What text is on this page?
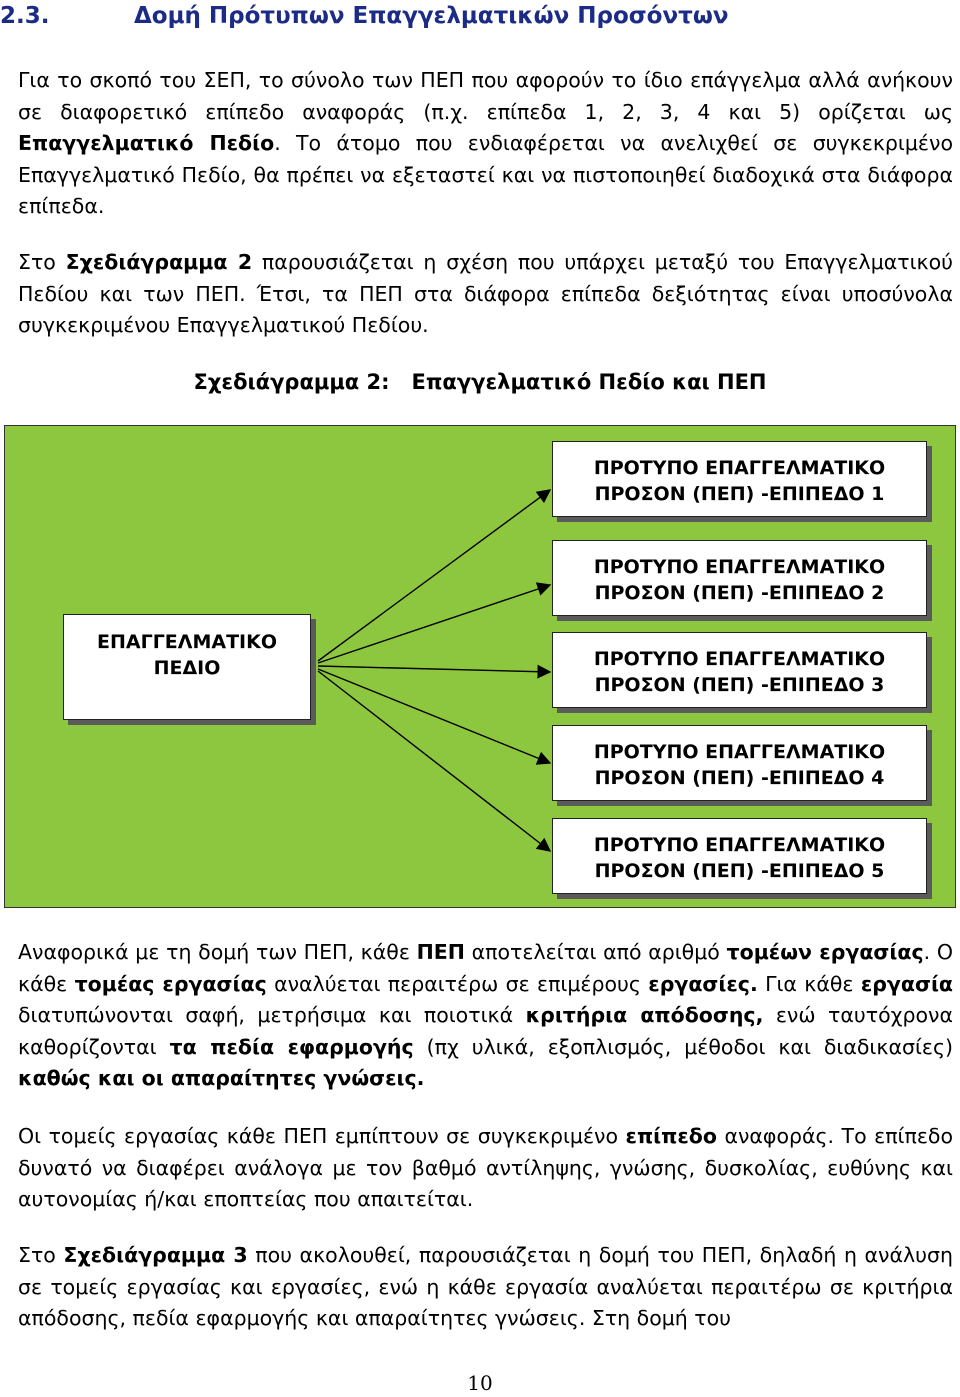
2.3.	Δομή Πρότυπων Επαγγελματικών Προσόντων
Για το σκοπό του ΣΕΠ, το σύνολο των ΠΕΠ που αφορούν το ίδιο επάγγελμα αλλά ανήκουν σε διαφορετικό επίπεδο αναφοράς (π.χ. επίπεδα 1, 2, 3, 4 και 5) ορίζεται ως Επαγγελματικό Πεδίο. Το άτομο που ενδιαφέρεται να ανελιχθεί σε συγκεκριμένο Επαγγελματικό Πεδίο, θα πρέπει να εξεταστεί και να πιστοποιηθεί διαδοχικά στα διάφορα επίπεδα.
Στο Σχεδιάγραμμα 2 παρουσιάζεται η σχέση που υπάρχει μεταξύ του Επαγγελματικού Πεδίου και των ΠΕΠ. Έτσι, τα ΠΕΠ στα διάφορα επίπεδα δεξιότητας είναι υποσύνολα συγκεκριμένου Επαγγελματικού Πεδίου.
Σχεδιάγραμμα 2: Επαγγελματικό Πεδίο και ΠΕΠ
ΕΠΑΓΓΕΛΜΑΤΙΚΟ
ΠΕΔΙΟ
ΠΡΟΤΥΠΟ ΕΠΑΓΓΕΛΜΑΤΙΚΟ
ΠΡΟΣΟΝ (ΠΕΠ) -ΕΠΙΠΕΔΟ 1
ΠΡΟΤΥΠΟ ΕΠΑΓΓΕΛΜΑΤΙΚΟ
ΠΡΟΣΟΝ (ΠΕΠ) -ΕΠΙΠΕΔΟ 2
ΠΡΟΤΥΠΟ ΕΠΑΓΓΕΛΜΑΤΙΚΟ
ΠΡΟΣΟΝ (ΠΕΠ) -ΕΠΙΠΕΔΟ 3
ΠΡΟΤΥΠΟ ΕΠΑΓΓΕΛΜΑΤΙΚΟ
ΠΡΟΣΟΝ (ΠΕΠ) -ΕΠΙΠΕΔΟ 4
ΠΡΟΤΥΠΟ ΕΠΑΓΓΕΛΜΑΤΙΚΟ
ΠΡΟΣΟΝ (ΠΕΠ) -ΕΠΙΠΕΔΟ 5
Αναφορικά με τη δομή των ΠΕΠ, κάθε ΠΕΠ αποτελείται από αριθμό τομέων εργασίας. Ο κάθε τομέας εργασίας αναλύεται περαιτέρω σε επιμέρους εργασίες. Για κάθε εργασία διατυπώνονται σαφή, μετρήσιμα και ποιοτικά κριτήρια απόδοσης, ενώ ταυτόχρονα καθορίζονται τα πεδία εφαρμογής (πχ υλικά, εξοπλισμός, μέθοδοι και διαδικασίες) καθώς και οι απαραίτητες γνώσεις.
Οι τομείς εργασίας κάθε ΠΕΠ εμπίπτουν σε συγκεκριμένο επίπεδο αναφοράς. Το επίπεδο δυνατό να διαφέρει ανάλογα με τον βαθμό αντίληψης, γνώσης, δυσκολίας, ευθύνης και αυτονομίας ή/και εποπτείας που απαιτείται.
Στο Σχεδιάγραμμα 3 που ακολουθεί, παρουσιάζεται η δομή του ΠΕΠ, δηλαδή η ανάλυση σε τομείς εργασίας και εργασίες, ενώ η κάθε εργασία αναλύεται περαιτέρω σε κριτήρια απόδοσης, πεδία εφαρμογής και απαραίτητες γνώσεις. Στη δομή του
10
